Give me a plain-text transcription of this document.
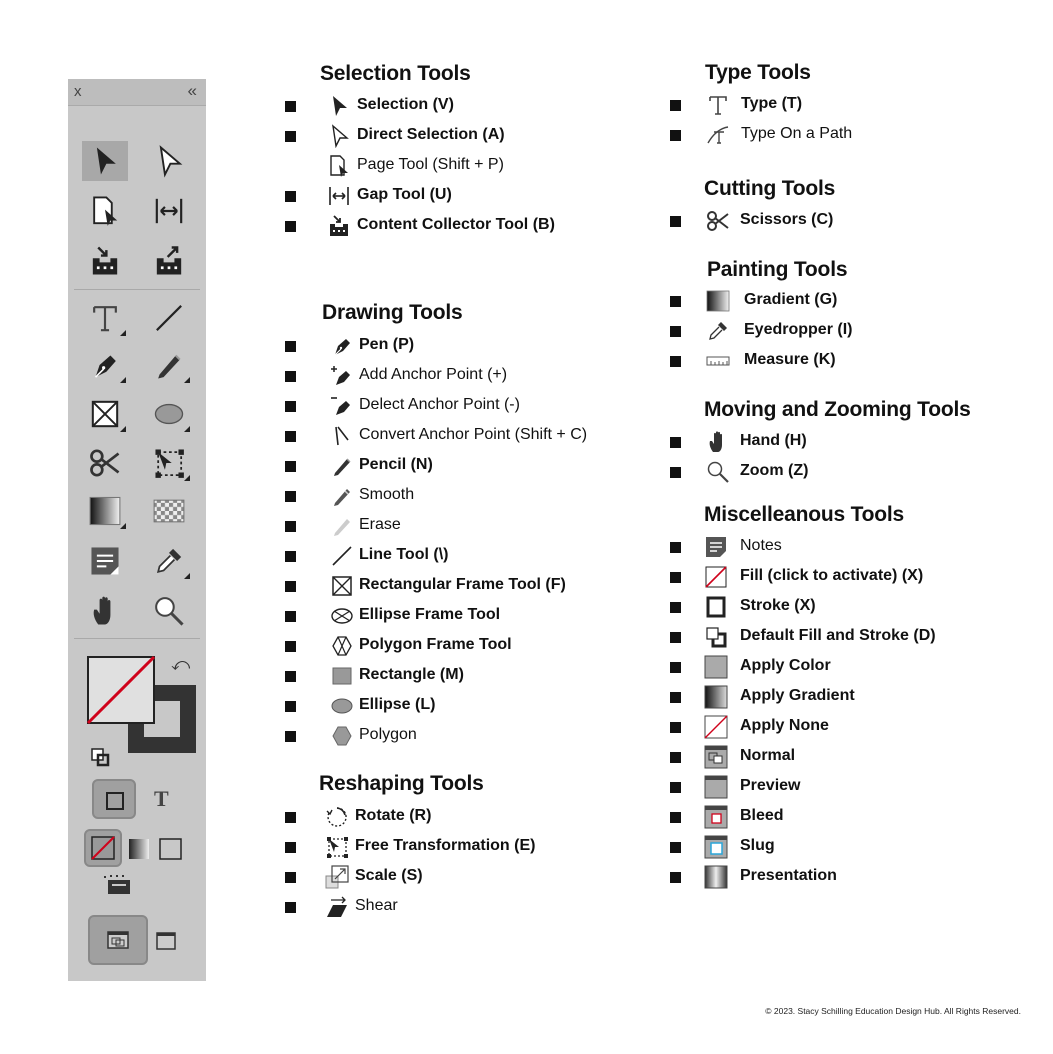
x	«
⤺
T
Selection Tools
Selection (V)
Direct Selection (A)
Page Tool (Shift + P)
Gap Tool (U)
Content Collector Tool (B)
Drawing Tools
Pen (P)
Add Anchor Point (+)
Delect Anchor Point (-)
Convert Anchor Point (Shift + C)
Pencil (N)
Smooth
Erase
Line Tool (\)
Rectangular Frame Tool (F)
Ellipse Frame Tool
Polygon Frame Tool
Rectangle (M)
Ellipse (L)
Polygon
Reshaping Tools
Rotate (R)
Free Transformation (E)
Scale (S)
Shear
Type Tools
Type (T)
Type On a Path
Cutting Tools
Scissors (C)
Painting Tools
Gradient (G)
Eyedropper (I)
Measure (K)
Moving and Zooming Tools
Hand (H)
Zoom (Z)
Miscelleanous Tools
Notes
Fill (click to activate) (X)
Stroke (X)
Default Fill and Stroke (D)
Apply Color
Apply Gradient
Apply None
Normal
Preview
Bleed
Slug
Presentation
© 2023. Stacy Schilling Education Design Hub. All Rights Reserved.
